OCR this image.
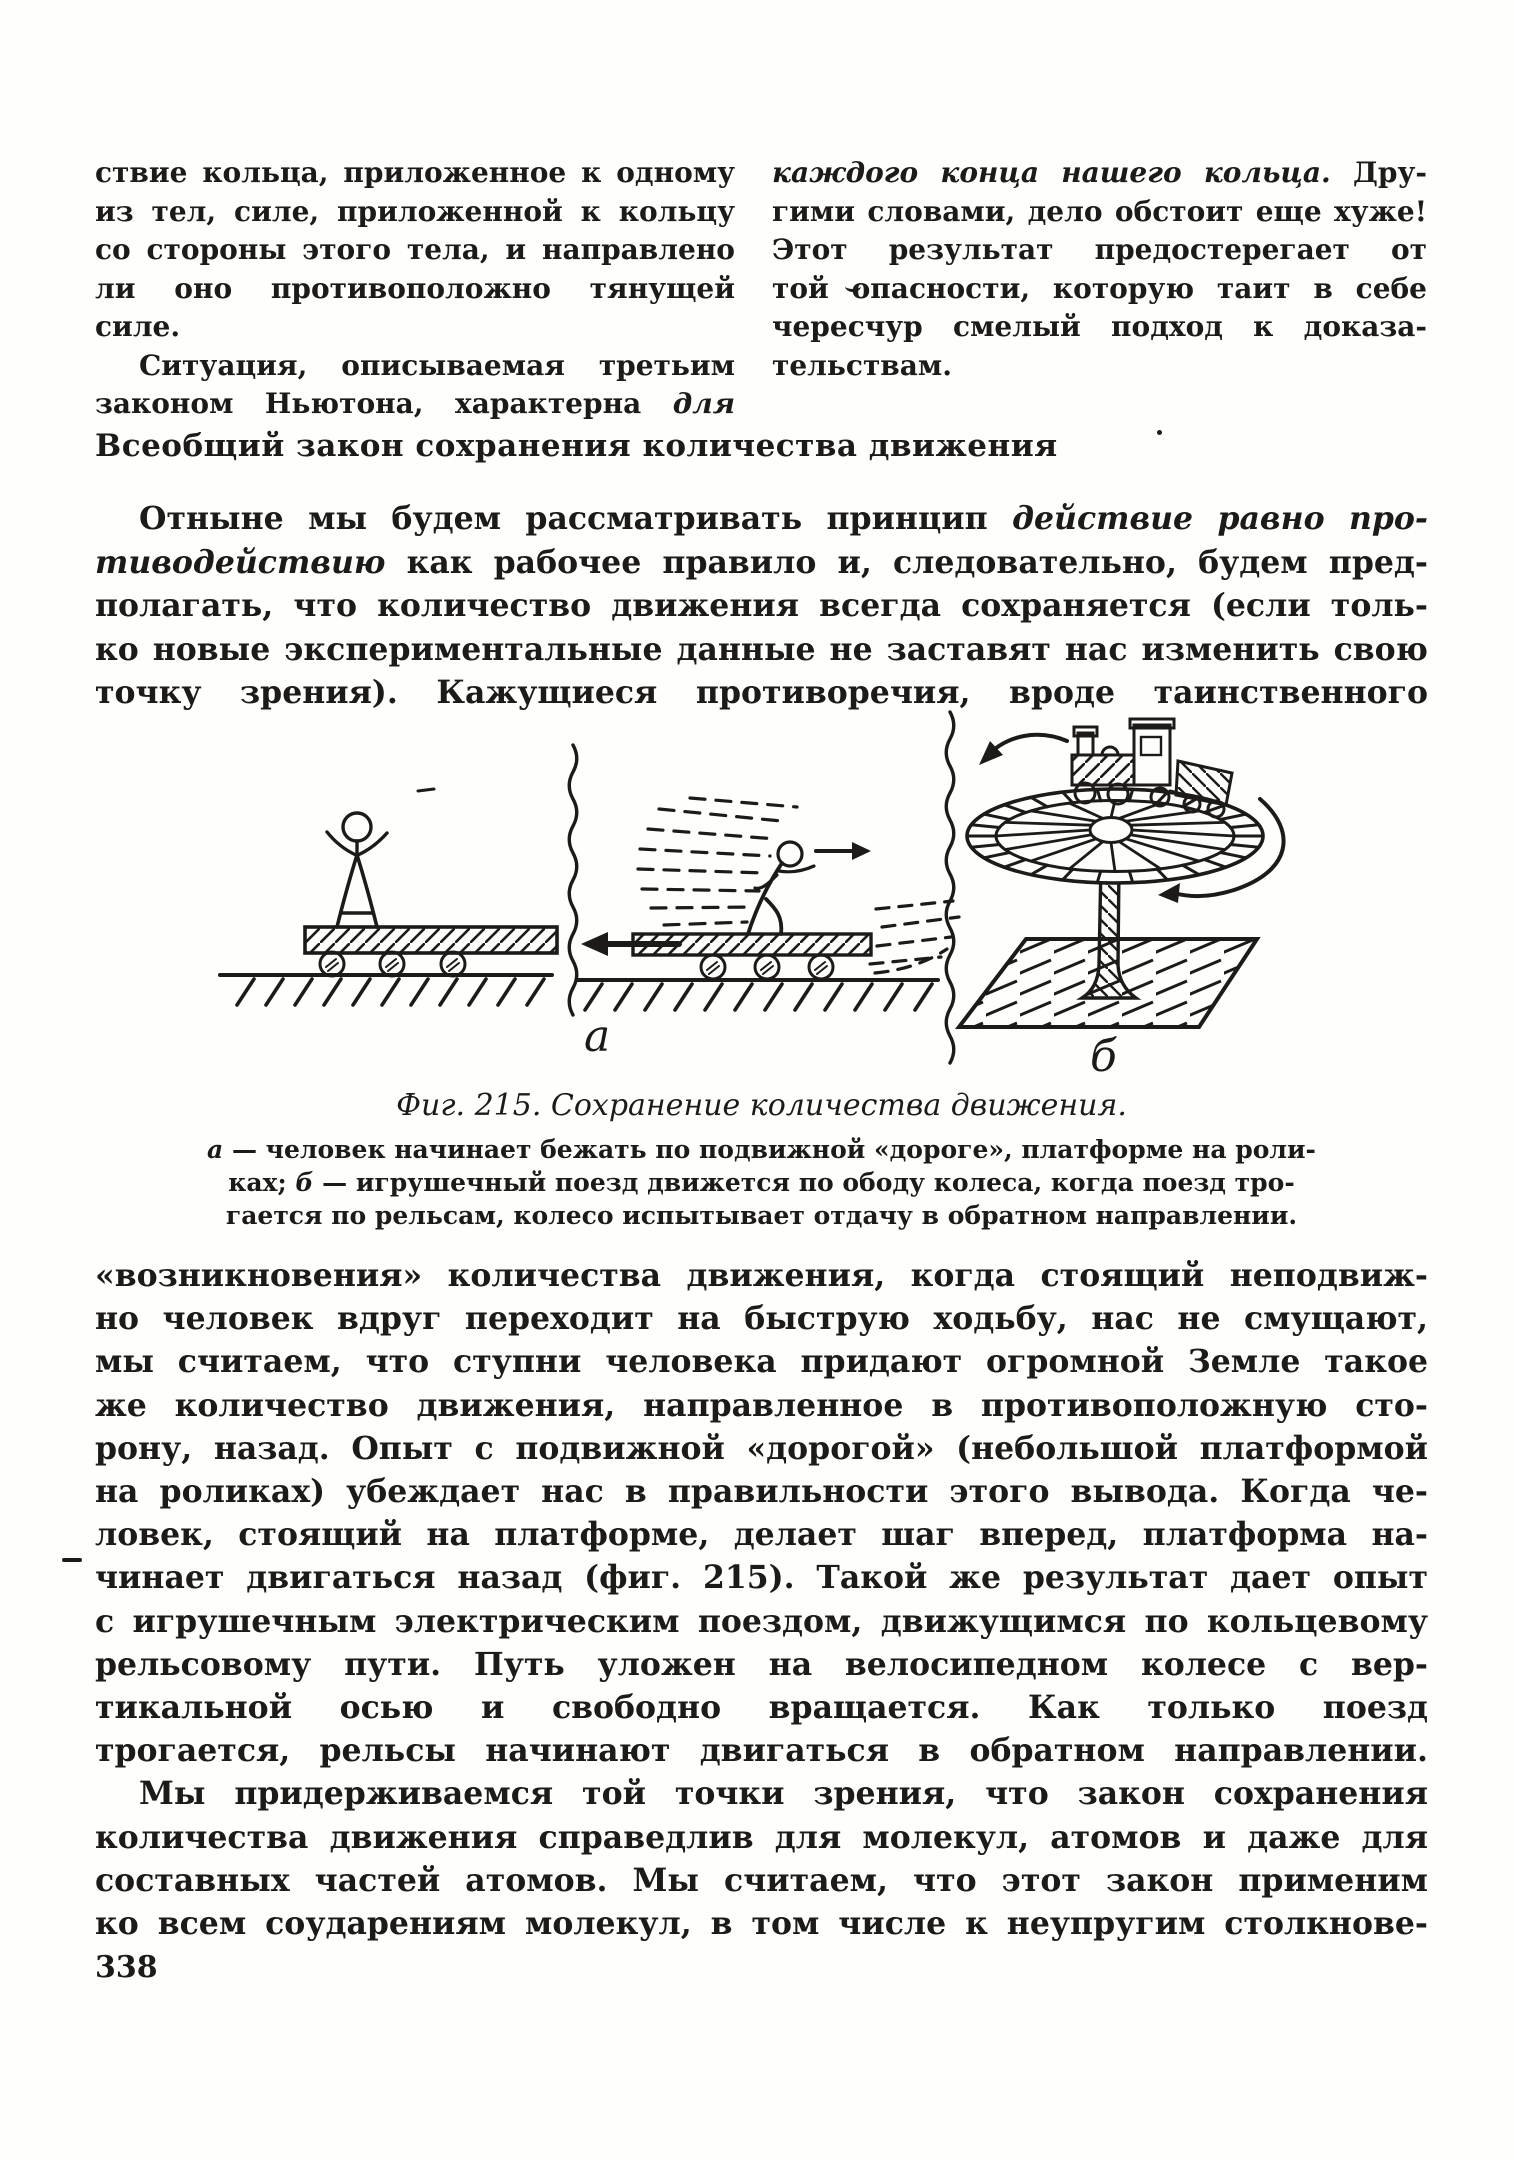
ствие кольца, приложенное к одному
из тел, силе, приложенной к кольцу
со стороны этого тела, и направлено
ли оно противоположно тянущей силе.
Ситуация, описываемая третьим
законом Ньютона, характерна для
каждого конца нашего кольца. Дру-
гими словами, дело обстоит еще хуже!
Этот результат предостерегает от
той опасности, которую таит в себе
чересчур смелый подход к доказа-
тельствам.
Всеобщий закон сохранения количества движения
Отныне мы будем рассматривать принцип действие равно про-
тиводействию как рабочее правило и, следовательно, будем пред-
полагать, что количество движения всегда сохраняется (если толь-
ко новые экспериментальные данные не заставят нас изменить свою
точку зрения). Кажущиеся противоречия, вроде таинственного
а	б
Фиг. 215. Сохранение количества движения.
а — человек начинает бежать по подвижной «дороге», платформе на роли-
ках; б — игрушечный поезд движется по ободу колеса, когда поезд тро-
гается по рельсам, колесо испытывает отдачу в обратном направлении.
«возникновения» количества движения, когда стоящий неподвиж-
но человек вдруг переходит на быструю ходьбу, нас не смущают,
мы считаем, что ступни человека придают огромной Земле такое
же количество движения, направленное в противоположную сто-
рону, назад. Опыт с подвижной «дорогой» (небольшой платформой
на роликах) убеждает нас в правильности этого вывода. Когда че-
ловек, стоящий на платформе, делает шаг вперед, платформа на-
чинает двигаться назад (фиг. 215). Такой же результат дает опыт
с игрушечным электрическим поездом, движущимся по кольцевому
рельсовому пути. Путь уложен на велосипедном колесе с вер-
тикальной осью и свободно вращается. Как только поезд
трогается, рельсы начинают двигаться в обратном направлении.
Мы придерживаемся той точки зрения, что закон сохранения
количества движения справедлив для молекул, атомов и даже для
составных частей атомов. Мы считаем, что этот закон применим
ко всем соударениям молекул, в том числе к неупругим столкнове-
338
